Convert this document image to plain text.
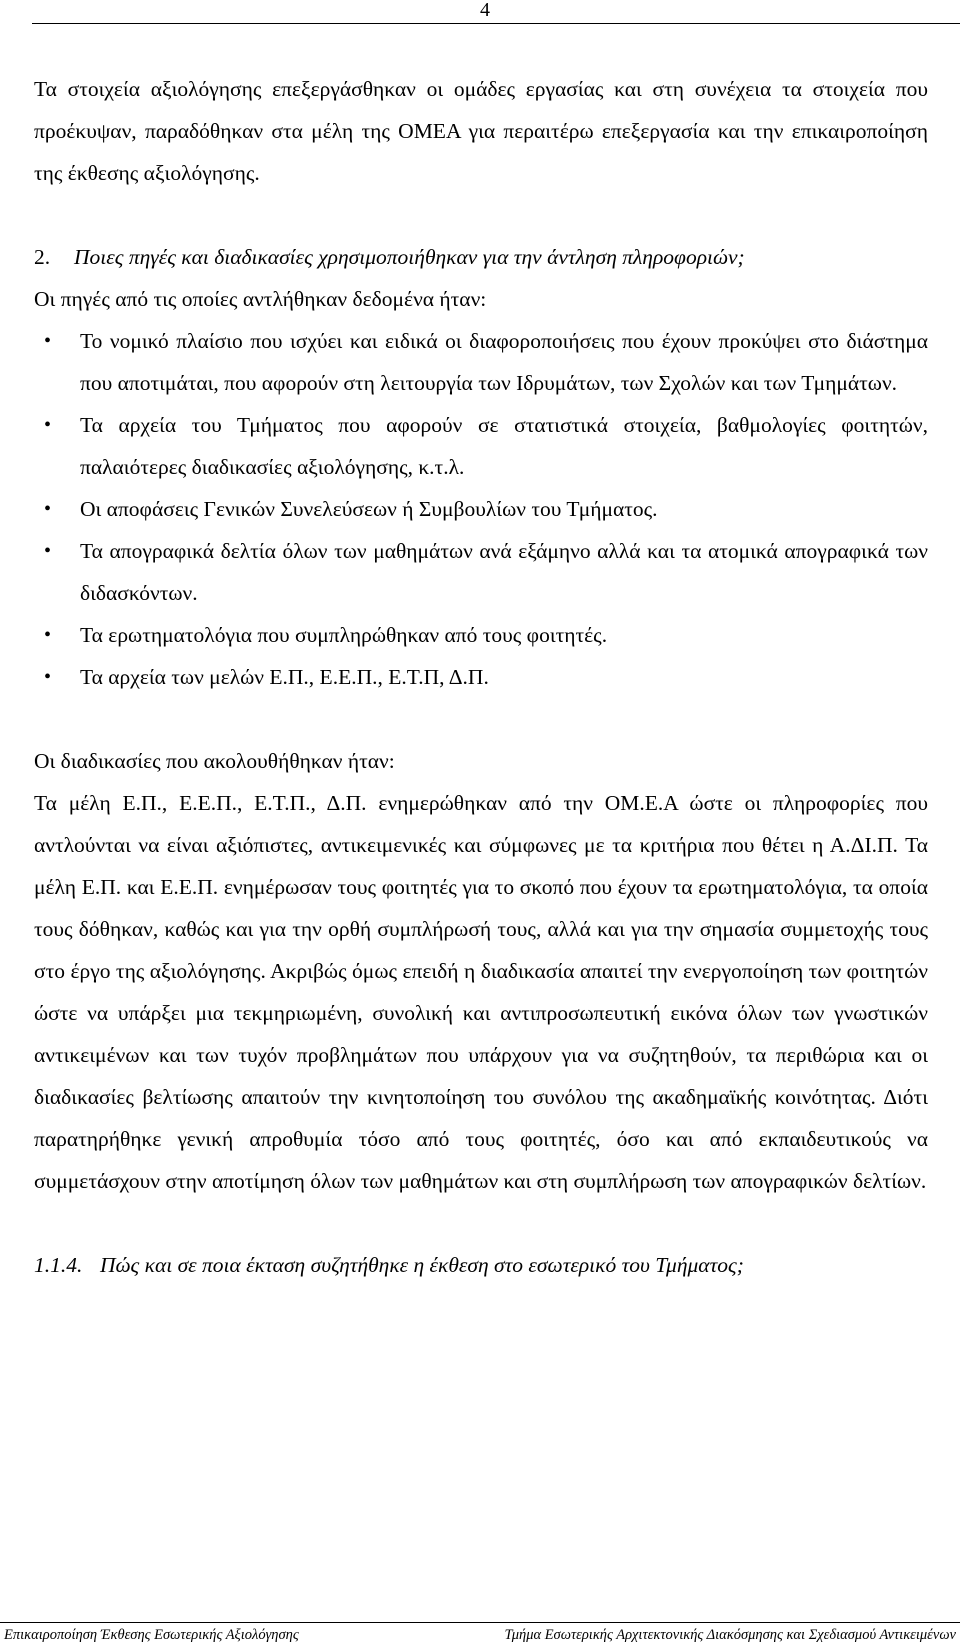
4

Τα στοιχεία αξιολόγησης επεξεργάσθηκαν οι ομάδες εργασίας και στη συνέχεια τα στοιχεία που προέκυψαν, παραδόθηκαν στα μέλη της ΟΜΕΑ για περαιτέρω επεξεργασία και την επικαιροποίηση της έκθεσης αξιολόγησης.

2. Ποιες πηγές και διαδικασίες χρησιμοποιήθηκαν για την άντληση πληροφοριών;

Οι πηγές από τις οποίες αντλήθηκαν δεδομένα ήταν:

• Το νομικό πλαίσιο που ισχύει και ειδικά οι διαφοροποιήσεις που έχουν προκύψει στο διάστημα που αποτιμάται, που αφορούν στη λειτουργία των Ιδρυμάτων, των Σχολών και των Τμημάτων.
• Τα αρχεία του Τμήματος που αφορούν σε στατιστικά στοιχεία, βαθμολογίες φοιτητών, παλαιότερες διαδικασίες αξιολόγησης, κ.τ.λ.
• Οι αποφάσεις Γενικών Συνελεύσεων ή Συμβουλίων του Τμήματος.
• Τα απογραφικά δελτία όλων των μαθημάτων ανά εξάμηνο αλλά και τα ατομικά απογραφικά των διδασκόντων.
• Τα ερωτηματολόγια που συμπληρώθηκαν από τους φοιτητές.
• Τα αρχεία των μελών Ε.Π., Ε.Ε.Π., Ε.Τ.Π, Δ.Π.

Οι διαδικασίες που ακολουθήθηκαν ήταν:

Τα μέλη Ε.Π., Ε.Ε.Π., Ε.Τ.Π., Δ.Π. ενημερώθηκαν από την ΟΜ.Ε.Α ώστε οι πληροφορίες που αντλούνται να είναι αξιόπιστες, αντικειμενικές και σύμφωνες με τα κριτήρια που θέτει η Α.ΔΙ.Π. Τα μέλη Ε.Π. και Ε.Ε.Π. ενημέρωσαν τους φοιτητές για το σκοπό που έχουν τα ερωτηματολόγια, τα οποία τους δόθηκαν, καθώς και για την ορθή συμπλήρωσή τους, αλλά και για την σημασία συμμετοχής τους στο έργο της αξιολόγησης. Ακριβώς όμως επειδή η διαδικασία απαιτεί την ενεργοποίηση των φοιτητών ώστε να υπάρξει μια τεκμηριωμένη, συνολική και αντιπροσωπευτική εικόνα όλων των γνωστικών αντικειμένων και των τυχόν προβλημάτων που υπάρχουν για να συζητηθούν, τα περιθώρια και οι διαδικασίες βελτίωσης απαιτούν την κινητοποίηση του συνόλου της ακαδημαϊκής κοινότητας. Διότι παρατηρήθηκε γενική απροθυμία τόσο από τους φοιτητές, όσο και από εκπαιδευτικούς να συμμετάσχουν στην αποτίμηση όλων των μαθημάτων και στη συμπλήρωση των απογραφικών δελτίων.

1.1.4. Πώς και σε ποια έκταση συζητήθηκε η έκθεση στο εσωτερικό του Τμήματος;

Επικαιροποίηση Έκθεσης Εσωτερικής Αξιολόγησης	Τμήμα Εσωτερικής Αρχιτεκτονικής Διακόσμησης και Σχεδιασμού Αντικειμένων
